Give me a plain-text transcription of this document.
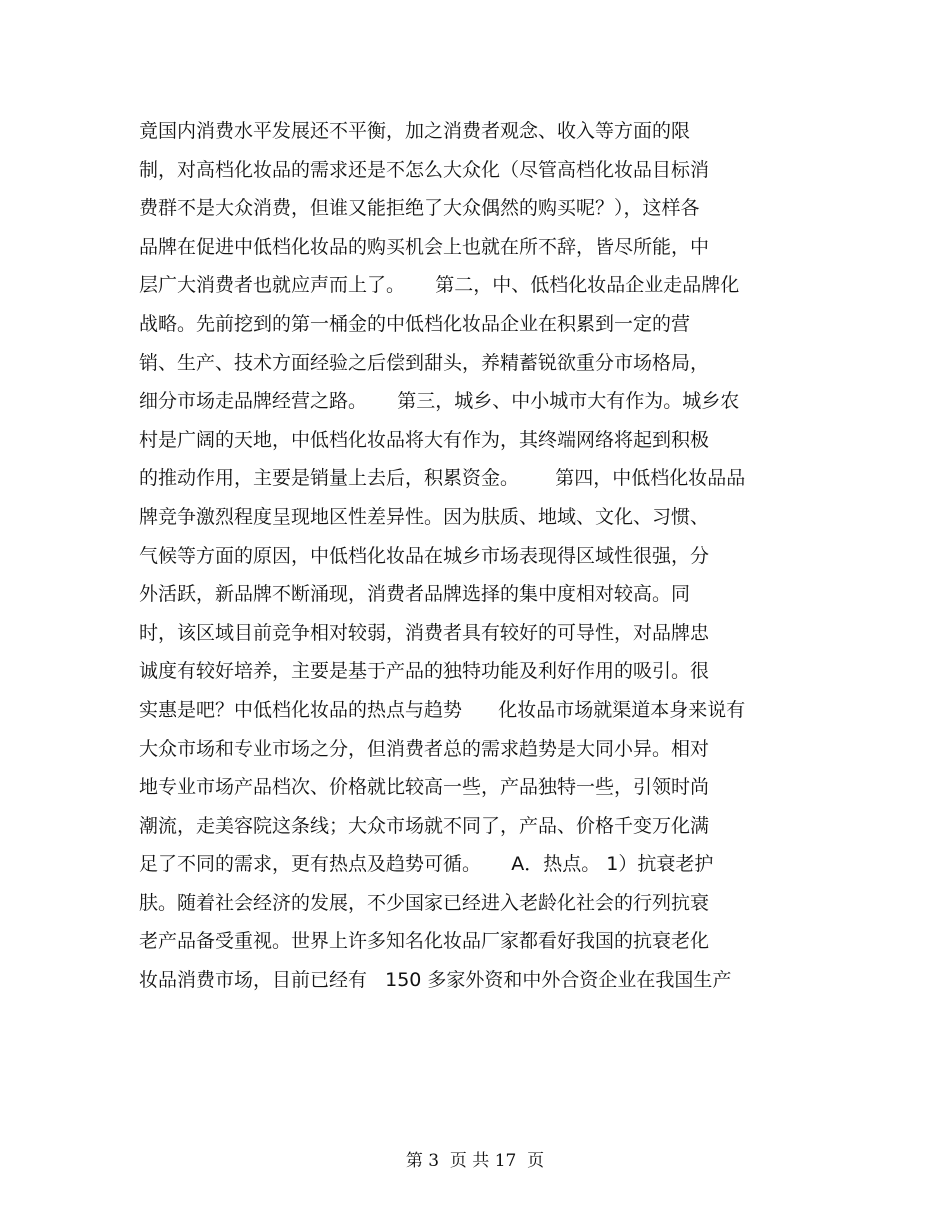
竟国内消费水平发展还不平衡，加之消费者观念、收入等方面的限
制，对高档化妆品的需求还是不怎么大众化（尽管高档化妆品目标消
费群不是大众消费，但谁又能拒绝了大众偶然的购买呢？），这样各
品牌在促进中低档化妆品的购买机会上也就在所不辞，皆尽所能，中
层广大消费者也就应声而上了。     第二，中、低档化妆品企业走品牌化
战略。先前挖到的第一桶金的中低档化妆品企业在积累到一定的营
销、生产、技术方面经验之后偿到甜头，养精蓄锐欲重分市场格局，
细分市场走品牌经营之路。     第三，城乡、中小城市大有作为。城乡农
村是广阔的天地，中低档化妆品将大有作为，其终端网络将起到积极
的推动作用，主要是销量上去后，积累资金。      第四，中低档化妆品品
牌竞争激烈程度呈现地区性差异性。因为肤质、地域、文化、习惯、
气候等方面的原因，中低档化妆品在城乡市场表现得区域性很强，分
外活跃，新品牌不断涌现，消费者品牌选择的集中度相对较高。同
时，该区域目前竞争相对较弱，消费者具有较好的可导性，对品牌忠
诚度有较好培养，主要是基于产品的独特功能及利好作用的吸引。很
实惠是吧？中低档化妆品的热点与趋势      化妆品市场就渠道本身来说有
大众市场和专业市场之分，但消费者总的需求趋势是大同小异。相对
地专业市场产品档次、价格就比较高一些，产品独特一些，引领时尚
潮流，走美容院这条线；大众市场就不同了，产品、价格千变万化满
足了不同的需求，更有热点及趋势可循。     A．热点。 1）抗衰老护
肤。随着社会经济的发展，不少国家已经进入老龄化社会的行列抗衰
老产品备受重视。世界上许多知名化妆品厂家都看好我国的抗衰老化
妆品消费市场，目前已经有   150 多家外资和中外合资企业在我国生产
第 3  页 共 17  页
